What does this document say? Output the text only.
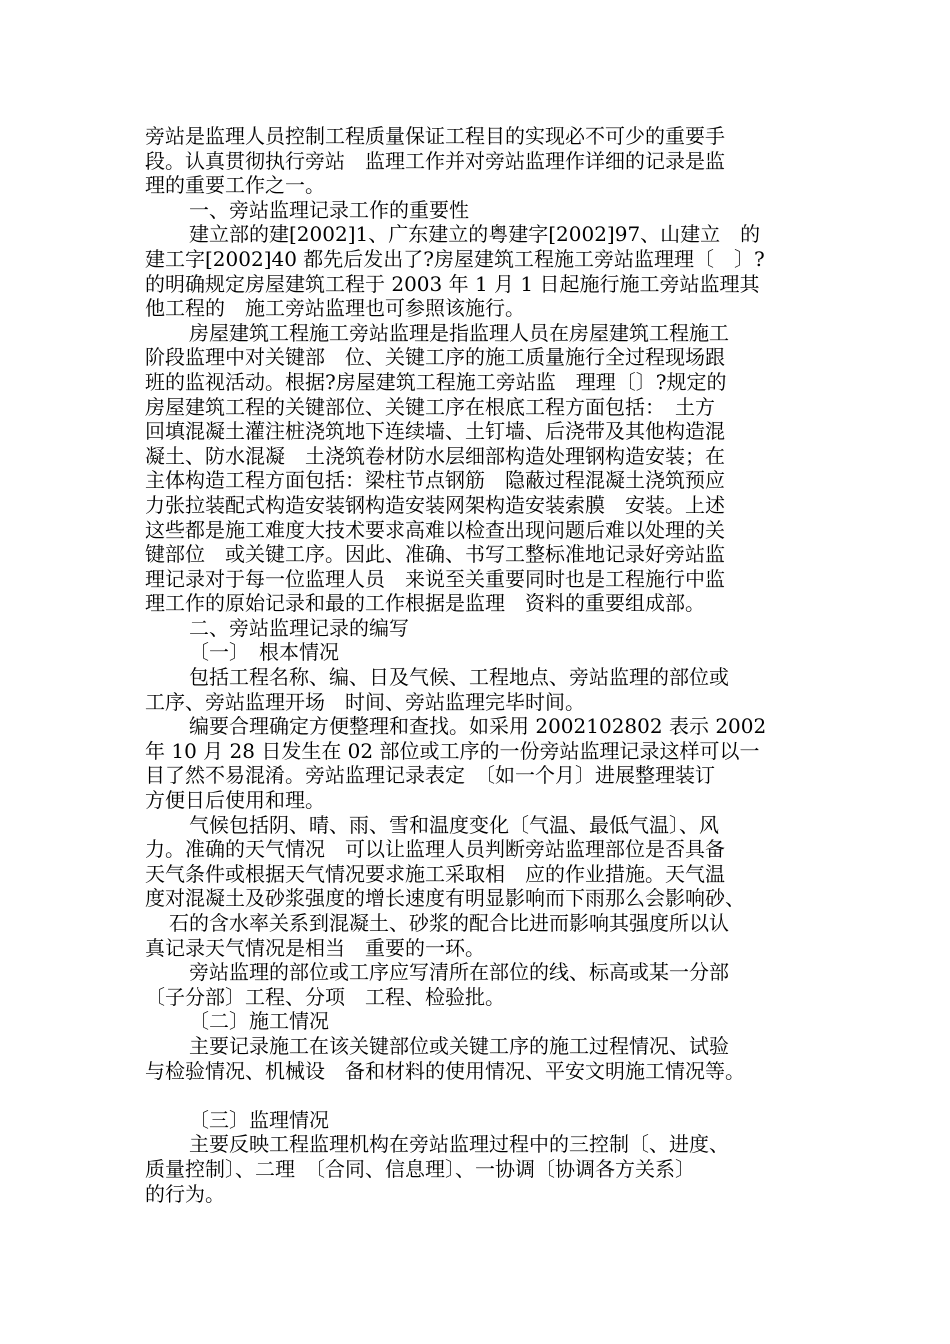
旁站是监理人员控制工程质量保证工程目的实现必不可少的重要手
段。认真贯彻执行旁站　监理工作并对旁站监理作详细的记录是监
理的重要工作之一。
一、旁站监理记录工作的重要性
建立部的建[2002]1、广东建立的粤建字[2002]97、山建立　的
建工字[2002]40 都先后发出了?房屋建筑工程施工旁站监理理〔　〕?
的明确规定房屋建筑工程于 2003 年 1 月 1 日起施行施工旁站监理其
他工程的　施工旁站监理也可参照该施行。
房屋建筑工程施工旁站监理是指监理人员在房屋建筑工程施工
阶段监理中对关键部　位、关键工序的施工质量施行全过程现场跟
班的监视活动。根据?房屋建筑工程施工旁站监　理理〔〕?规定的
房屋建筑工程的关键部位、关键工序在根底工程方面包括：　土方
回填混凝土灌注桩浇筑地下连续墙、土钉墙、后浇带及其他构造混
凝土、防水混凝　土浇筑卷材防水层细部构造处理钢构造安装；在
主体构造工程方面包括：梁柱节点钢筋　隐蔽过程混凝土浇筑预应
力张拉装配式构造安装钢构造安装网架构造安装索膜　安装。上述
这些都是施工难度大技术要求高难以检查出现问题后难以处理的关
键部位　或关键工序。因此、准确、书写工整标准地记录好旁站监
理记录对于每一位监理人员　来说至关重要同时也是工程施行中监
理工作的原始记录和最的工作根据是监理　资料的重要组成部。
二、旁站监理记录的编写
〔一〕　根本情况
包括工程名称、编、日及气候、工程地点、旁站监理的部位或
工序、旁站监理开场　时间、旁站监理完毕时间。
编要合理确定方便整理和查找。如采用 2002102802 表示 2002
年 10 月 28 日发生在 02 部位或工序的一份旁站监理记录这样可以一
目了然不易混淆。旁站监理记录表定　〔如一个月〕进展整理装订
方便日后使用和理。
气候包括阴、晴、雨、雪和温度变化〔气温、最低气温〕、风
力。准确的天气情况　可以让监理人员判断旁站监理部位是否具备
天气条件或根据天气情况要求施工采取相　应的作业措施。天气温
度对混凝土及砂浆强度的增长速度有明显影响而下雨那么会影响砂、
石的含水率关系到混凝土、砂浆的配合比进而影响其强度所以认
真记录天气情况是相当　重要的一环。
旁站监理的部位或工序应写清所在部位的线、标高或某一分部
〔子分部〕工程、分项　工程、检验批。
〔二〕施工情况
主要记录施工在该关键部位或关键工序的施工过程情况、试验
与检验情况、机械设　备和材料的使用情况、平安文明施工情况等。
〔三〕监理情况
主要反映工程监理机构在旁站监理过程中的三控制〔、进度、
质量控制〕、二理　〔合同、信息理〕、一协调〔协调各方关系〕
的行为。
